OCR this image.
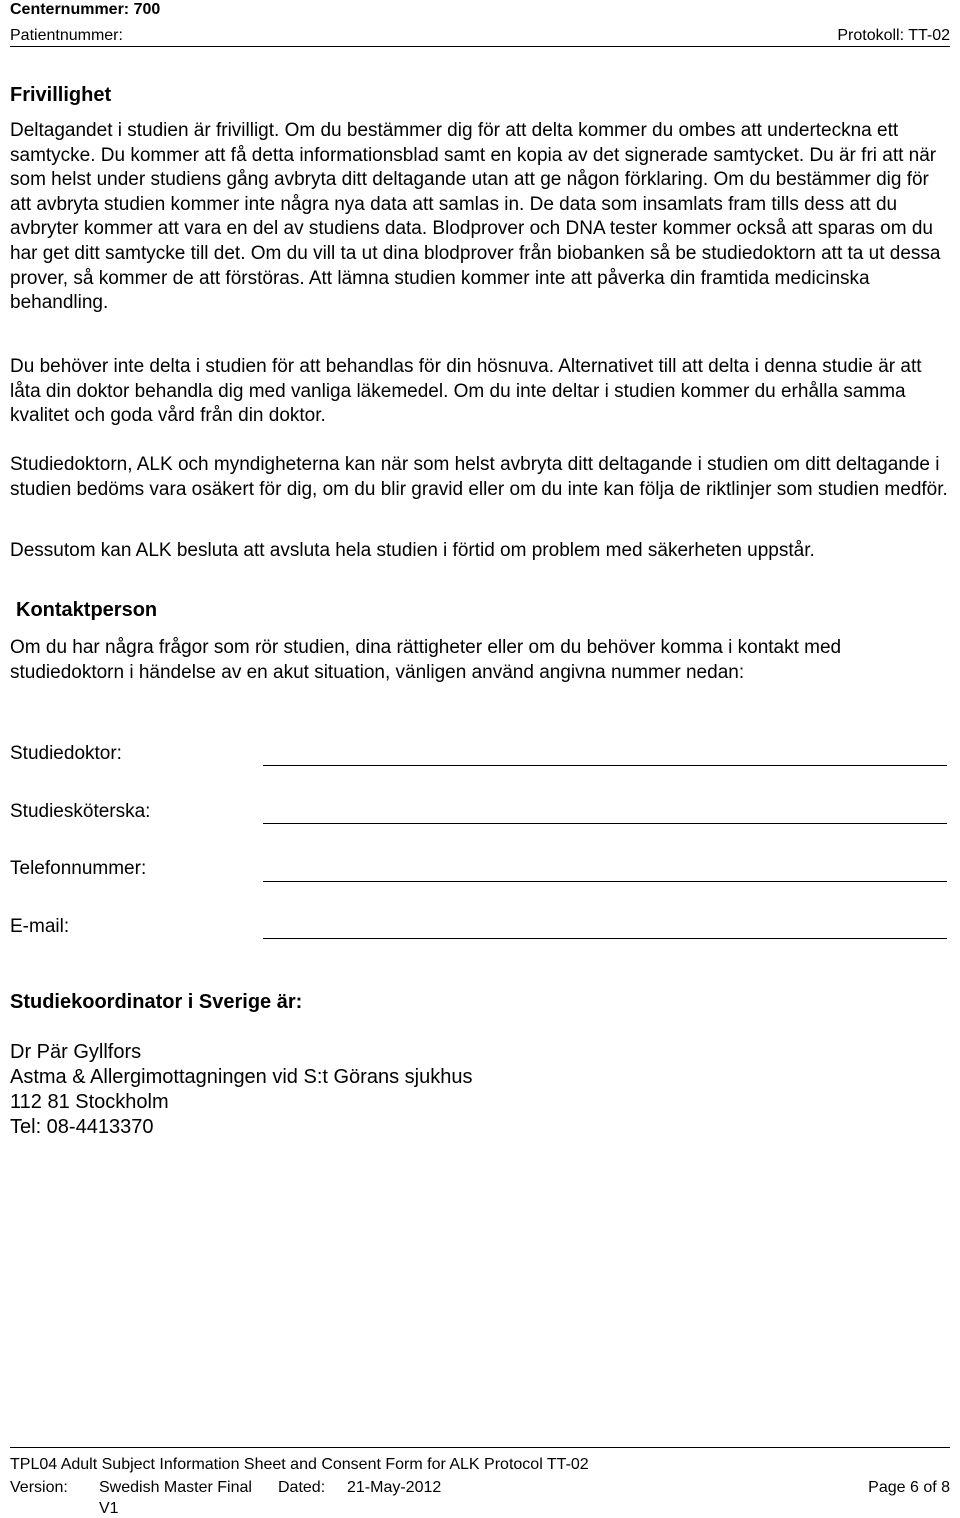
Centernummer: 700
Patientnummer:	Protokoll: TT-02
Frivillighet
Deltagandet i studien är frivilligt. Om du bestämmer dig för att delta kommer du ombes att underteckna ett samtycke. Du kommer att få detta informationsblad samt en kopia av det signerade samtycket. Du är fri att när som helst under studiens gång avbryta ditt deltagande utan att ge någon förklaring. Om du bestämmer dig för att avbryta studien kommer inte några nya data att samlas in. De data som insamlats fram tills dess att du avbryter kommer att vara en del av studiens data. Blodprover och DNA tester kommer också att sparas om du har get ditt samtycke till det. Om du vill ta ut dina blodprover från biobanken så be studiedoktorn att ta ut dessa prover, så kommer de att förstöras. Att lämna studien kommer inte att påverka din framtida medicinska behandling.
Du behöver inte delta i studien för att behandlas för din hösnuva. Alternativet till att delta i denna studie är att låta din doktor behandla dig med vanliga läkemedel. Om du inte deltar i studien kommer du erhålla samma kvalitet och goda vård från din doktor.
Studiedoktorn, ALK och myndigheterna kan när som helst avbryta ditt deltagande i studien om ditt deltagande i studien bedöms vara osäkert för dig, om du blir gravid eller om du inte kan följa de riktlinjer som studien medför.
Dessutom kan ALK besluta att avsluta hela studien i förtid om problem med säkerheten uppstår.
Kontaktperson
Om du har några frågor som rör studien, dina rättigheter eller om du behöver komma i kontakt med studiedoktorn i händelse av en akut situation, vänligen använd angivna nummer nedan:
Studiedoktor:
Studiesköterska:
Telefonnummer:
E-mail:
Studiekoordinator i Sverige är:
Dr Pär Gyllfors
Astma & Allergimottagningen vid S:t Görans sjukhus
112 81 Stockholm
Tel: 08-4413370
TPL04 Adult Subject Information Sheet and Consent Form for ALK Protocol TT-02
Version: Swedish Master Final Dated: 21-May-2012	Page 6 of 8
V1
